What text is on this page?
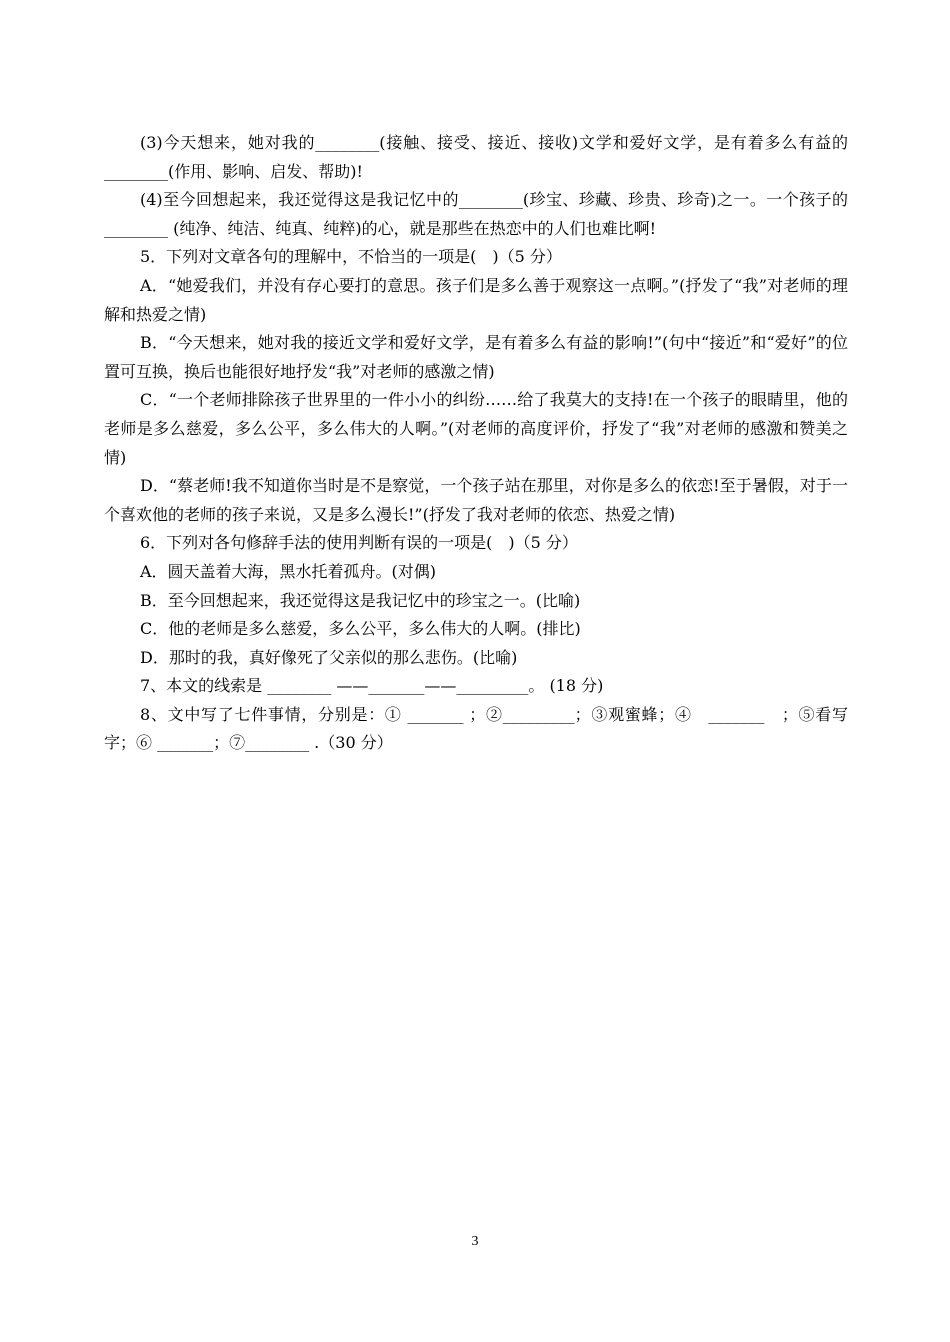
(3)今天想来，她对我的________(接触、接受、接近、接收)文学和爱好文学，是有着多么有益的________(作用、影响、启发、帮助)!

(4)至今回想起来，我还觉得这是我记忆中的________(珍宝、珍藏、珍贵、珍奇)之一。一个孩子的________ (纯净、纯洁、纯真、纯粹)的心，就是那些在热恋中的人们也难比啊!

5．下列对文章各句的理解中，不恰当的一项是(　)（5 分）

A．“她爱我们，并没有存心要打的意思。孩子们是多么善于观察这一点啊。”(抒发了“我”对老师的理解和热爱之情)

B．“今天想来，她对我的接近文学和爱好文学，是有着多么有益的影响!”(句中“接近”和“爱好”的位置可互换，换后也能很好地抒发“我”对老师的感激之情)

C．“一个老师排除孩子世界里的一件小小的纠纷……给了我莫大的支持!在一个孩子的眼睛里，他的老师是多么慈爱，多么公平，多么伟大的人啊。”(对老师的高度评价，抒发了“我”对老师的感激和赞美之情)

D．“蔡老师!我不知道你当时是不是察觉，一个孩子站在那里，对你是多么的依恋!至于暑假，对于一个喜欢他的老师的孩子来说，又是多么漫长!”(抒发了我对老师的依恋、热爱之情)

6．下列对各句修辞手法的使用判断有误的一项是(　)（5 分）

A．圆天盖着大海，黑水托着孤舟。(对偶)

B．至今回想起来，我还觉得这是我记忆中的珍宝之一。(比喻)

C．他的老师是多么慈爱，多么公平，多么伟大的人啊。(排比)

D．那时的我，真好像死了父亲似的那么悲伤。(比喻)

7、本文的线索是 ________ ——_______——_________。 (18 分)

8、文中写了七件事情，分别是：① _______ ；②_________；③观蜜蜂；④　_______　；⑤看写字；⑥ _______；⑦________ .（30 分）

3
